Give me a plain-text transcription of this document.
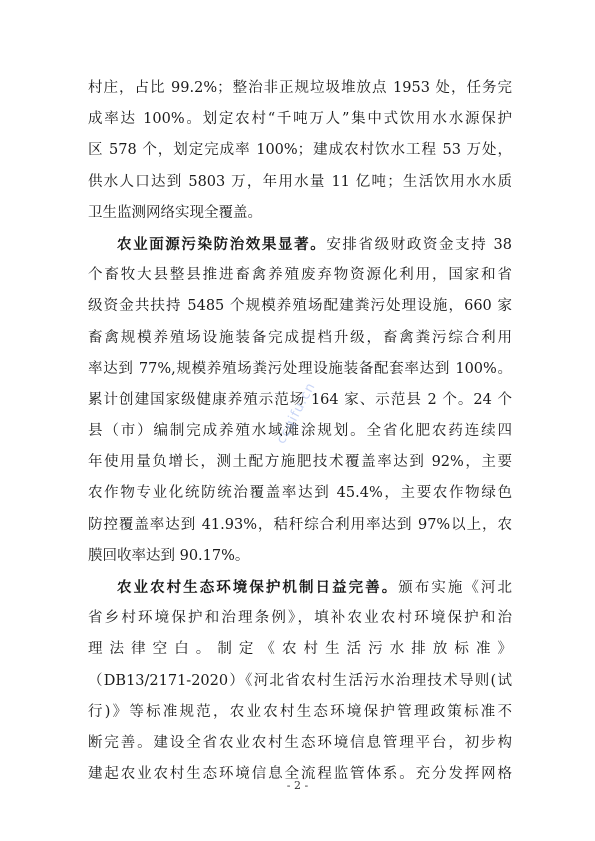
村庄，占比 99.2%；整治非正规垃圾堆放点 1953 处，任务完
成率达 100%。划定农村“千吨万人”集中式饮用水水源保护
区 578 个，划定完成率 100%；建成农村饮水工程 53 万处，
供水人口达到 5803 万，年用水量 11 亿吨；生活饮用水水质
卫生监测网络实现全覆盖。
农业面源污染防治效果显著。安排省级财政资金支持 38
个畜牧大县整县推进畜禽养殖废弃物资源化利用，国家和省
级资金共扶持 5485 个规模养殖场配建粪污处理设施，660 家
畜禽规模养殖场设施装备完成提档升级，畜禽粪污综合利用
率达到 77%,规模养殖场粪污处理设施装备配套率达到 100%。
累计创建国家级健康养殖示范场 164 家、示范县 2 个。24 个
县（市）编制完成养殖水域滩涂规划。全省化肥农药连续四
年使用量负增长，测土配方施肥技术覆盖率达到 92%，主要
农作物专业化统防统治覆盖率达到 45.4%，主要农作物绿色
防控覆盖率达到 41.93%，秸秆综合利用率达到 97%以上，农
膜回收率达到 90.17%。
农业农村生态环境保护机制日益完善。颁布实施《河北
省乡村环境保护和治理条例》，填补农业农村环境保护和治
理法律空白。制定《农村生活污水排放标准》
（DB13/2171-2020）《河北省农村生活污水治理技术导则(试
行)》等标准规范，农业农村生态环境保护管理政策标准不
断完善。建设全省农业农村生态环境信息管理平台，初步构
建起农业农村生态环境信息全流程监管体系。充分发挥网格
ccqifu.cn
- 2 -
